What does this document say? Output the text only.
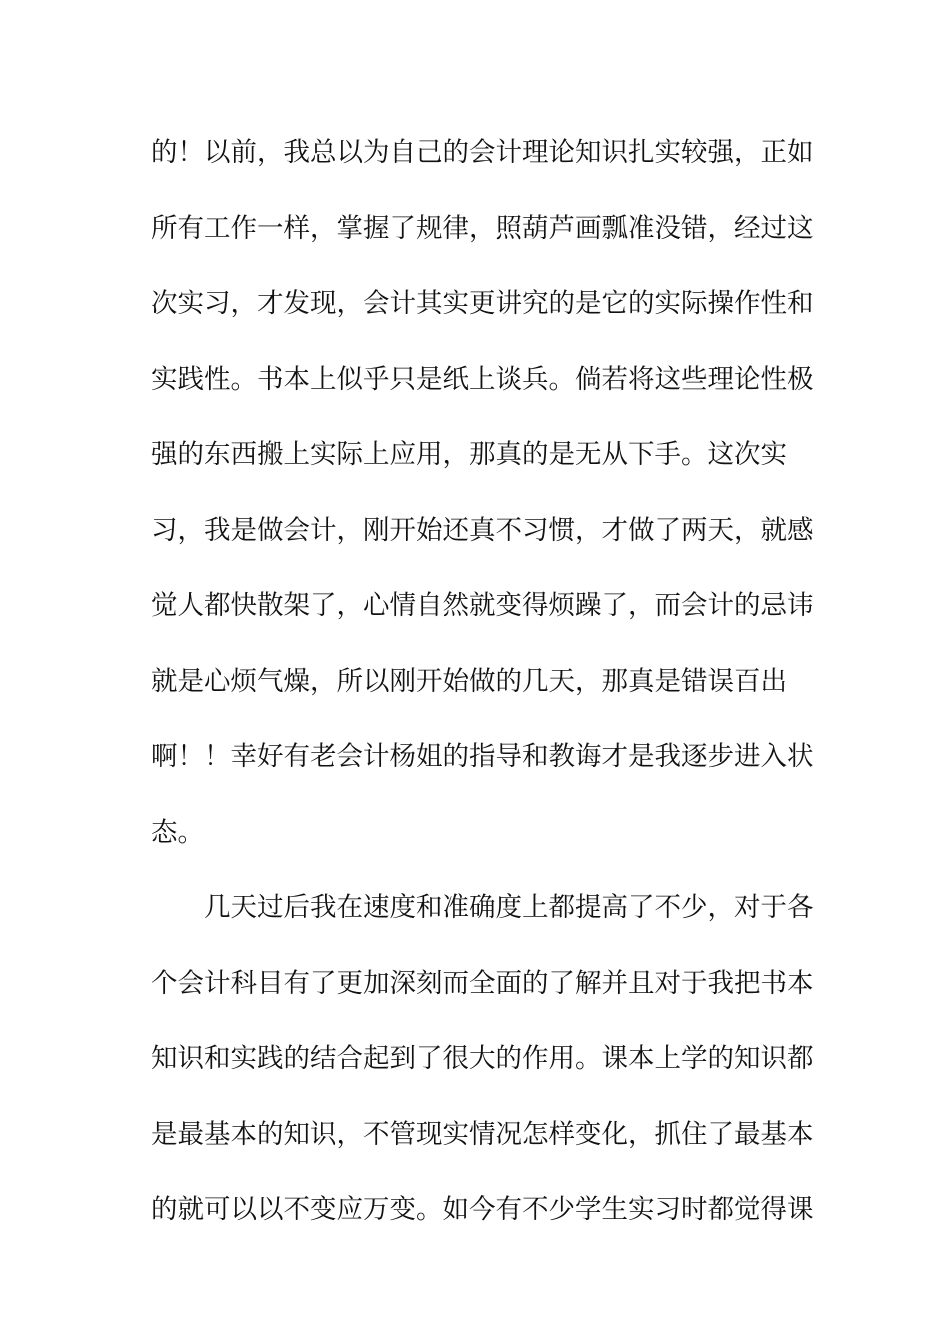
的！以前，我总以为自己的会计理论知识扎实较强，正如
所有工作一样，掌握了规律，照葫芦画瓢准没错，经过这
次实习，才发现，会计其实更讲究的是它的实际操作性和
实践性。书本上似乎只是纸上谈兵。倘若将这些理论性极
强的东西搬上实际上应用，那真的是无从下手。这次实
习，我是做会计，刚开始还真不习惯，才做了两天，就感
觉人都快散架了，心情自然就变得烦躁了，而会计的忌讳
就是心烦气燥，所以刚开始做的几天，那真是错误百出
啊！！幸好有老会计杨姐的指导和教诲才是我逐步进入状
态。
几天过后我在速度和准确度上都提高了不少，对于各
个会计科目有了更加深刻而全面的了解并且对于我把书本
知识和实践的结合起到了很大的作用。课本上学的知识都
是最基本的知识，不管现实情况怎样变化，抓住了最基本
的就可以以不变应万变。如今有不少学生实习时都觉得课
